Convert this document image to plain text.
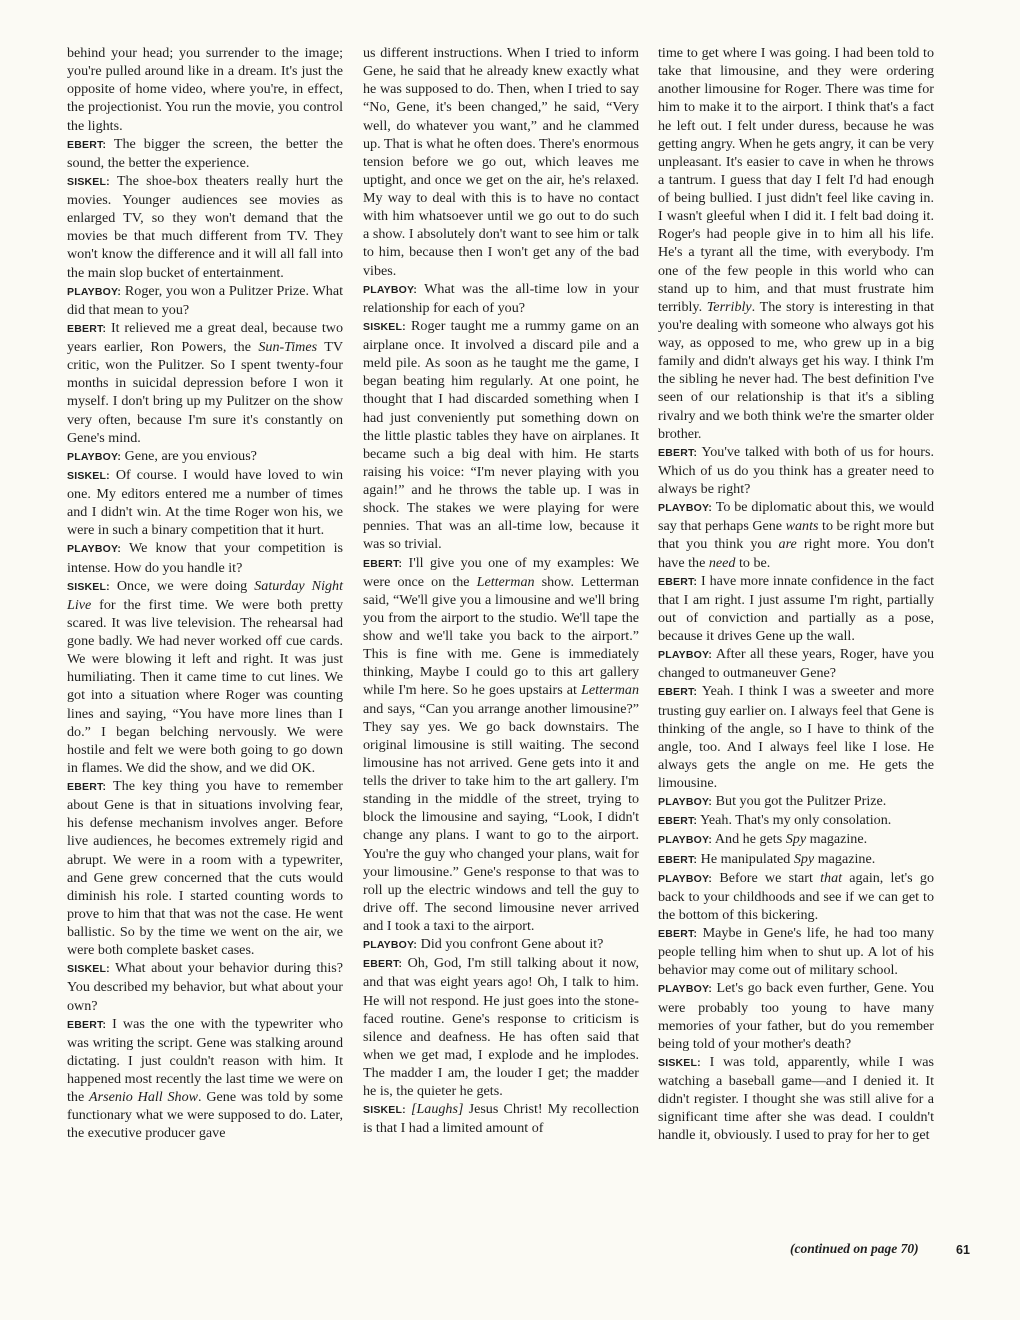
behind your head; you surrender to the image; you're pulled around like in a dream. It's just the opposite of home video, where you're, in effect, the projectionist. You run the movie, you control the lights.

EBERT : The bigger the screen, the better the sound, the better the experience.

SISKEL : The shoe-box theaters really hurt the movies. Younger audiences see movies as enlarged TV, so they won't demand that the movies be that much different from TV. They won't know the difference and it will all fall into the main slop bucket of entertainment.

PLAYBOY : Roger, you won a Pulitzer Prize. What did that mean to you?

EBERT : It relieved me a great deal, because two years earlier, Ron Powers, the Sun-Times TV critic, won the Pulitzer. So I spent twenty-four months in suicidal depression before I won it myself. I don't bring up my Pulitzer on the show very often, because I'm sure it's constantly on Gene's mind.

PLAYBOY : Gene, are you envious?

SISKEL : Of course. I would have loved to win one. My editors entered me a number of times and I didn't win. At the time Roger won his, we were in such a binary competition that it hurt.

PLAYBOY : We know that your competition is intense. How do you handle it?

SISKEL : Once, we were doing Saturday Night Live for the first time. We were both pretty scared. It was live television. The rehearsal had gone badly. We had never worked off cue cards. We were blowing it left and right. It was just humiliating. Then it came time to cut lines. We got into a situation where Roger was counting lines and saying, “You have more lines than I do.” I began belching nervously. We were hostile and felt we were both going to go down in flames. We did the show, and we did OK.

EBERT : The key thing you have to remember about Gene is that in situations involving fear, his defense mechanism involves anger. Before live audiences, he becomes extremely rigid and abrupt. We were in a room with a typewriter, and Gene grew concerned that the cuts would diminish his role. I started counting words to prove to him that that was not the case. He went ballistic. So by the time we went on the air, we were both complete basket cases.

SISKEL : What about your behavior during this? You described my behavior, but what about your own?

EBERT : I was the one with the typewriter who was writing the script. Gene was stalking around dictating. I just couldn't reason with him. It happened most recently the last time we were on the Arsenio Hall Show. Gene was told by some functionary what we were supposed to do. Later, the executive producer gave

us different instructions. When I tried to inform Gene, he said that he already knew exactly what he was supposed to do. Then, when I tried to say “No, Gene, it's been changed,” he said, “Very well, do whatever you want,” and he clammed up. That is what he often does. There's enormous tension before we go out, which leaves me uptight, and once we get on the air, he's relaxed. My way to deal with this is to have no contact with him whatsoever until we go out to do such a show. I absolutely don't want to see him or talk to him, because then I won't get any of the bad vibes.

PLAYBOY : What was the all-time low in your relationship for each of you?

SISKEL : Roger taught me a rummy game on an airplane once. It involved a discard pile and a meld pile. As soon as he taught me the game, I began beating him regularly. At one point, he thought that I had discarded something when I had just conveniently put something down on the little plastic tables they have on airplanes. It became such a big deal with him. He starts raising his voice: “I'm never playing with you again!” and he throws the table up. I was in shock. The stakes we were playing for were pennies. That was an all-time low, because it was so trivial.

EBERT : I'll give you one of my examples: We were once on the Letterman show. Letterman said, “We'll give you a limousine and we'll bring you from the airport to the studio. We'll tape the show and we'll take you back to the airport.” This is fine with me. Gene is immediately thinking, Maybe I could go to this art gallery while I'm here. So he goes upstairs at Letterman and says, “Can you arrange another limousine?” They say yes. We go back downstairs. The original limousine is still waiting. The second limousine has not arrived. Gene gets into it and tells the driver to take him to the art gallery. I'm standing in the middle of the street, trying to block the limousine and saying, “Look, I didn't change any plans. I want to go to the airport. You're the guy who changed your plans, wait for your limousine.” Gene's response to that was to roll up the electric windows and tell the guy to drive off. The second limousine never arrived and I took a taxi to the airport.

PLAYBOY : Did you confront Gene about it?

EBERT : Oh, God, I'm still talking about it now, and that was eight years ago! Oh, I talk to him. He will not respond. He just goes into the stone-faced routine. Gene's response to criticism is silence and deafness. He has often said that when we get mad, I explode and he implodes. The madder I am, the louder I get; the madder he is, the quieter he gets.

SISKEL : [Laughs] Jesus Christ! My recollection is that I had a limited amount of

time to get where I was going. I had been told to take that limousine, and they were ordering another limousine for Roger. There was time for him to make it to the airport. I think that's a fact he left out. I felt under duress, because he was getting angry. When he gets angry, it can be very unpleasant. It's easier to cave in when he throws a tantrum. I guess that day I felt I'd had enough of being bullied. I just didn't feel like caving in. I wasn't gleeful when I did it. I felt bad doing it. Roger's had people give in to him all his life. He's a tyrant all the time, with everybody. I'm one of the few people in this world who can stand up to him, and that must frustrate him terribly. Terribly. The story is interesting in that you're dealing with someone who always got his way, as opposed to me, who grew up in a big family and didn't always get his way. I think I'm the sibling he never had. The best definition I've seen of our relationship is that it's a sibling rivalry and we both think we're the smarter older brother.

EBERT : You've talked with both of us for hours. Which of us do you think has a greater need to always be right?

PLAYBOY : To be diplomatic about this, we would say that perhaps Gene wants to be right more but that you think you are right more. You don't have the need to be.

EBERT : I have more innate confidence in the fact that I am right. I just assume I'm right, partially out of conviction and partially as a pose, because it drives Gene up the wall.

PLAYBOY : After all these years, Roger, have you changed to outmaneuver Gene?

EBERT : Yeah. I think I was a sweeter and more trusting guy earlier on. I always feel that Gene is thinking of the angle, so I have to think of the angle, too. And I always feel like I lose. He always gets the angle on me. He gets the limousine.

PLAYBOY : But you got the Pulitzer Prize.

EBERT : Yeah. That's my only consolation.

PLAYBOY : And he gets Spy magazine.

EBERT : He manipulated Spy magazine.

PLAYBOY : Before we start that again, let's go back to your childhoods and see if we can get to the bottom of this bickering.

EBERT : Maybe in Gene's life, he had too many people telling him when to shut up. A lot of his behavior may come out of military school.

PLAYBOY : Let's go back even further, Gene. You were probably too young to have many memories of your father, but do you remember being told of your mother's death?

SISKEL : I was told, apparently, while I was watching a baseball game—and I denied it. It didn't register. I thought she was still alive for a significant time after she was dead. I couldn't handle it, obviously. I used to pray for her to get

(continued on page 70)	61
